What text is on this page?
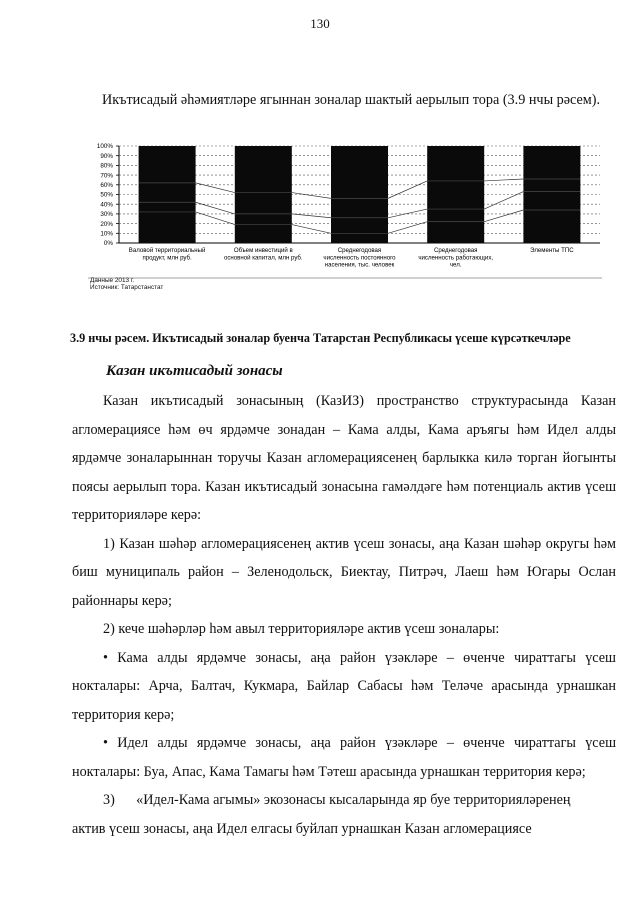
130
Икътисадый әһәмиятләре ягыннан зоналар шактый аерылып тора (3.9 нчы рәсем).
0%
10%
20%
30%
40%
50%
60%
70%
80%
90%
100%
Валовой территориальный
продукт, млн руб.
Объем инвестиций в
основной капитал, млн руб.
Среднегодовая
численность постоянного
населения, тыс. человек
Среднегодовая
численность работающих,
чел.
Элементы ТПС
Данные 2013 г.
Источник: Татарстанстат
3.9 нчы рәсем. Икътисадый зоналар буенча Татарстан Республикасы үсеше күрсәткечләре
Казан икътисадый зонасы

Казан икътисадый зонасының (КазИЗ) пространство структурасында Казан агломерациясе һәм өч ярдәмче зонадан – Кама алды, Кама аръягы һәм Идел алды ярдәмче зоналарыннан торучы Казан агломерациясенең барлыкка килә торган йогынты поясы аерылып тора. Казан икътисадый зонасына гамәлдәге һәм потенциаль актив үсеш территорияләре керә:

1) Казан шәһәр агломерациясенең актив үсеш зонасы, аңа Казан шәһәр округы һәм биш муниципаль район – Зеленодольск, Биектау, Питрәч, Лаеш һәм Югары Ослан районнары керә;

2) кече шәһәрләр һәм авыл территорияләре актив үсеш зоналары:

• Кама алды ярдәмче зонасы, аңа район үзәкләре – өченче чираттагы үсеш нокталары: Арча, Балтач, Кукмара, Байлар Сабасы һәм Теләче арасында урнашкан территория керә;

• Идел алды ярдәмче зонасы, аңа район үзәкләре – өченче чираттагы үсеш нокталары: Буа, Апас, Кама Тамагы һәм Тәтеш арасында урнашкан территория керә;

3) «Идел-Кама агымы» экозонасы кысаларында яр буе территорияләренең

актив үсеш зонасы, аңа Идел елгасы буйлап урнашкан Казан агломерациясе
